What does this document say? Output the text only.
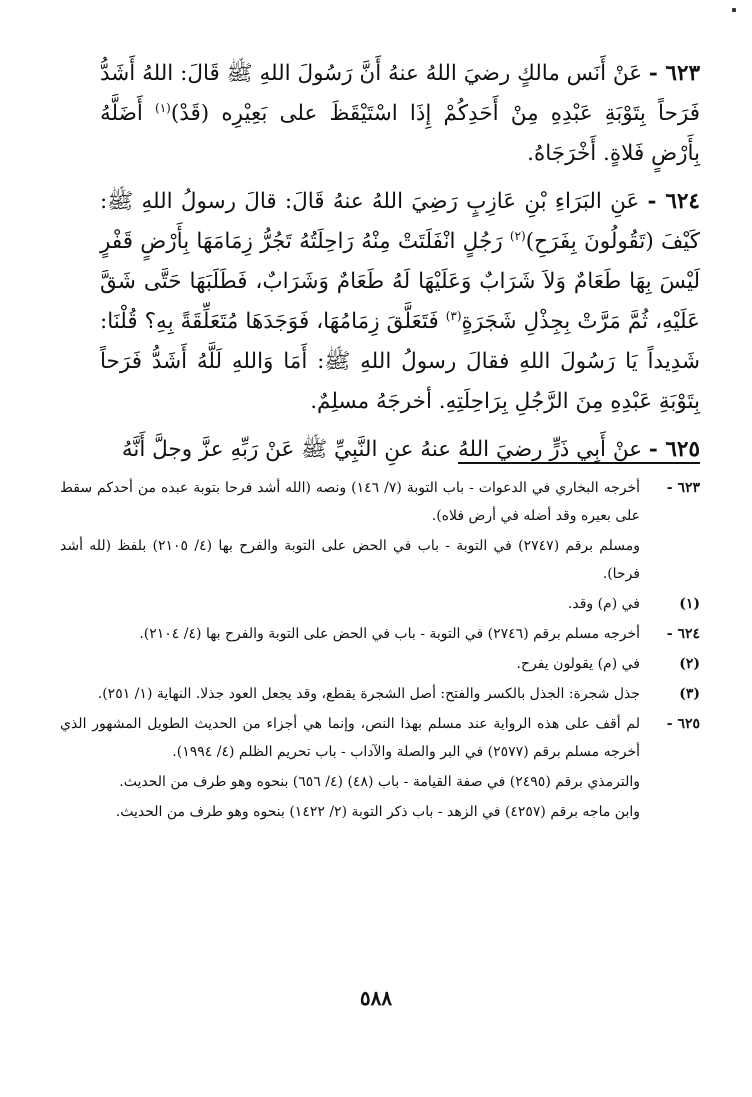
٦٢٣ - عَنْ أَنَس مالكٍ رضيَ اللهُ عنهُ أَنَّ رَسُولَ اللهِ ﷺ قَالَ: اللهُ أَشَدُّ فَرَحاً بِتَوْبَةِ عَبْدِهِ مِنْ أَحَدِكُمْ إِذَا اسْتَيْقَظَ على بَعِيْرِه (قَدْ)$^{(١)}$ أَضَلَّهُ بِأَرْضٍ فَلاةٍ. أَخْرَجَاهُ.

٦٢٤ - عَنِ البَرَاءِ بْنِ عَازِبٍ رَضِيَ اللهُ عنهُ قَالَ: قالَ رسولُ اللهِ ﷺ: كَيْفَ (تَقُولُونَ بِفَرَحِ)$^{(٢)}$ رَجُلٍ انْفَلَتَتْ مِنْهُ رَاحِلَتُهُ تَجُرُّ زِمَامَهَا بِأَرْضٍ قَفْرٍ لَيْسَ بِهَا طَعَامٌ وَلاَ شَرَابٌ وَعَلَيْهَا لَهُ طَعَامٌ وَشَرَابٌ، فَطَلَبَهَا حَتَّى شَقَّ عَلَيْهِ، ثُمَّ مَرَّتْ بِجِذْلِ شَجَرَةٍ$^{(٣)}$ فَتَعَلَّقَ زِمَامُهَا، فَوَجَدَهَا مُتَعَلِّقَةً بِهِ؟ قُلْنَا: شَدِيداً يَا رَسُولَ اللهِ فقالَ رسولُ اللهِ ﷺ: أَمَا وَاللهِ لَلَّهُ أَشَدُّ فَرَحاً بِتَوْبَةِ عَبْدِهِ مِنَ الرَّجُلِ بِرَاحِلَتِهِ. أخرجَهُ مسلِمٌ.

٦٢٥ - عنْ أَبِي ذَرٍّ رضيَ اللهُ عنهُ عنِ النَّبِيِّ ﷺ عَنْ رَبِّهِ عزَّ وجلَّ أَنَّهُ

٦٢٣ -
أخرجه البخاري في الدعوات - باب التوبة (٧/ ١٤٦) ونصه (الله أشد فرحا بتوبة عبده من أحدكم سقط على بعيره وقد أضله في أرض فلاه).
ومسلم برقم (٢٧٤٧) في التوبة - باب في الحض على التوبة والفرح بها (٤/ ٢١٠٥) بلفظ (لله أشد فرحا).
(١)
في (م) وقد.
٦٢٤ -
أخرجه مسلم برقم (٢٧٤٦) في التوبة - باب في الحض على التوبة والفرح بها (٤/ ٢١٠٤).
(٢)
في (م) يقولون يفرح.
(٣)
جذل شجرة: الجذل بالكسر والفتح: أصل الشجرة يقطع، وقد يجعل العود جذلا. النهاية (١/ ٢٥١).
٦٢٥ -
لم أقف على هذه الرواية عند مسلم بهذا النص، وإنما هي أجزاء من الحديث الطويل المشهور الذي أخرجه مسلم برقم (٢٥٧٧) في البر والصلة والآداب - باب تحريم الظلم (٤/ ١٩٩٤).
والترمذي برقم (٢٤٩٥) في صفة القيامة - باب (٤٨) (٤/ ٦٥٦) بنحوه وهو طرف من الحديث.
وابن ماجه برقم (٤٢٥٧) في الزهد - باب ذكر التوبة (٢/ ١٤٢٢) بنحوه وهو طرف من الحديث.
٥٨٨
